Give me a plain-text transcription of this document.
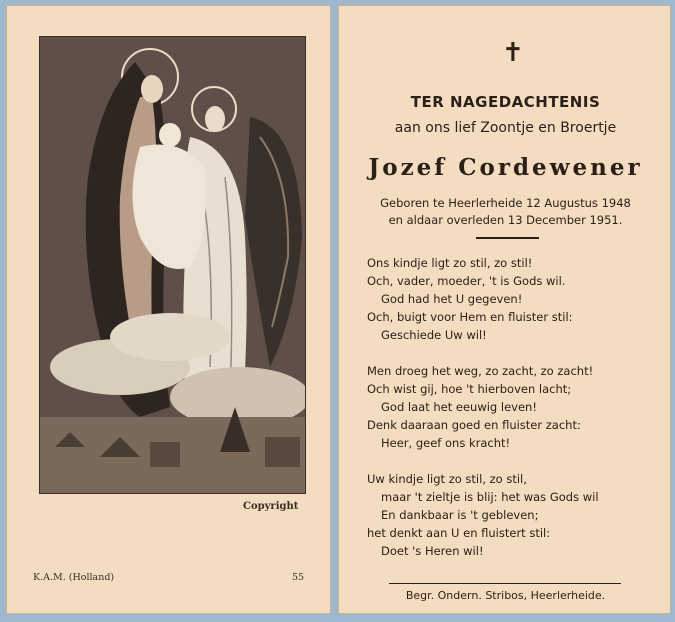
Copyright
K.A.M. (Holland)	55
✝
TER NAGEDACHTENIS
aan ons lief Zoontje en Broertje
Jozef Cordewener
Geboren te Heerlerheide 12 Augustus 1948
en aldaar overleden 13 December 1951.
Ons kindje ligt zo stil, zo stil!
Och, vader, moeder, 't is Gods wil.
God had het U gegeven!
Och, buigt voor Hem en fluister stil:
Geschiede Uw wil!
Men droeg het weg, zo zacht, zo zacht!
Och wist gij, hoe 't hierboven lacht;
God laat het eeuwig leven!
Denk daaraan goed en fluister zacht:
Heer, geef ons kracht!
Uw kindje ligt zo stil, zo stil,
maar 't zieltje is blij: het was Gods wil
En dankbaar is 't gebleven;
het denkt aan U en fluistert stil:
Doet 's Heren wil!
Begr. Ondern. Stribos, Heerlerheide.
